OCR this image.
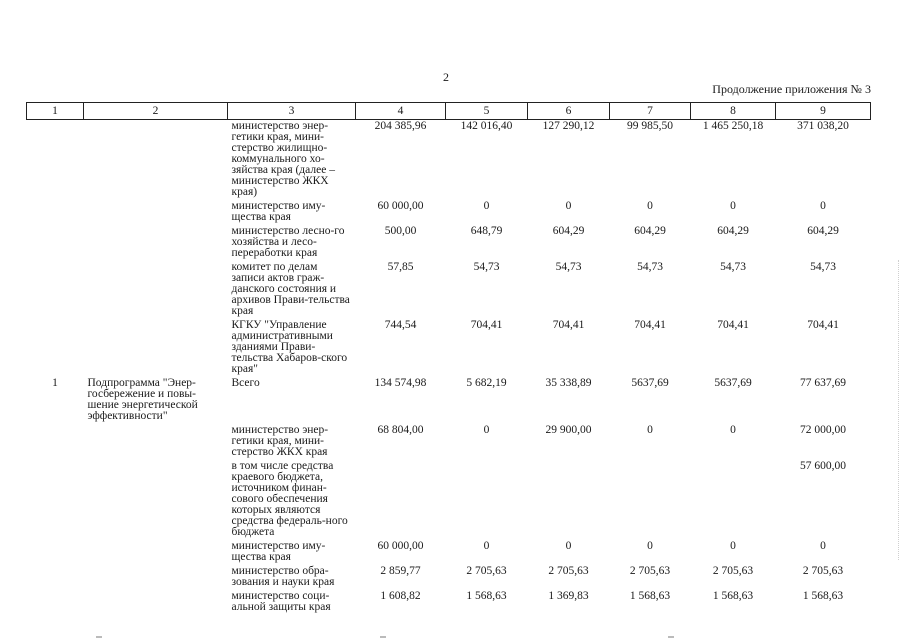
2
Продолжение приложения № 3
1	2	3	4	5	6	7	8	9
		министерство энер-гетики края, мини-стерство жилищно-коммунального хо-зяйства края (далее – министерство ЖКХ края)	204 385,96	142 016,40	127 290,12	99 985,50	1 465 250,18	371 038,20
		министерство иму-щества края	60 000,00	0	0	0	0	0
		министерство лесно-го хозяйства и лесо-переработки края	500,00	648,79	604,29	604,29	604,29	604,29
		комитет по делам записи актов граж-данского состояния и архивов Прави-тельства края	57,85	54,73	54,73	54,73	54,73	54,73
		КГКУ "Управление административными зданиями Прави-тельства Хабаров-ского края"	744,54	704,41	704,41	704,41	704,41	704,41
1	Подпрограмма "Энер-госбережение и повы-шение энергетической эффективности"	Всего	134 574,98	5 682,19	35 338,89	5637,69	5637,69	77 637,69
		министерство энер-гетики края, мини-стерство ЖКХ края	68 804,00	0	29 900,00	0	0	72 000,00
		в том числе средства краевого бюджета, источником финан-сового обеспечения которых являются средства федераль-ного бюджета						57 600,00
		министерство иму-щества края	60 000,00	0	0	0	0	0
		министерство обра-зования и науки края	2 859,77	2 705,63	2 705,63	2 705,63	2 705,63	2 705,63
		министерство соци-альной защиты края	1 608,82	1 568,63	1 369,83	1 568,63	1 568,63	1 568,63
